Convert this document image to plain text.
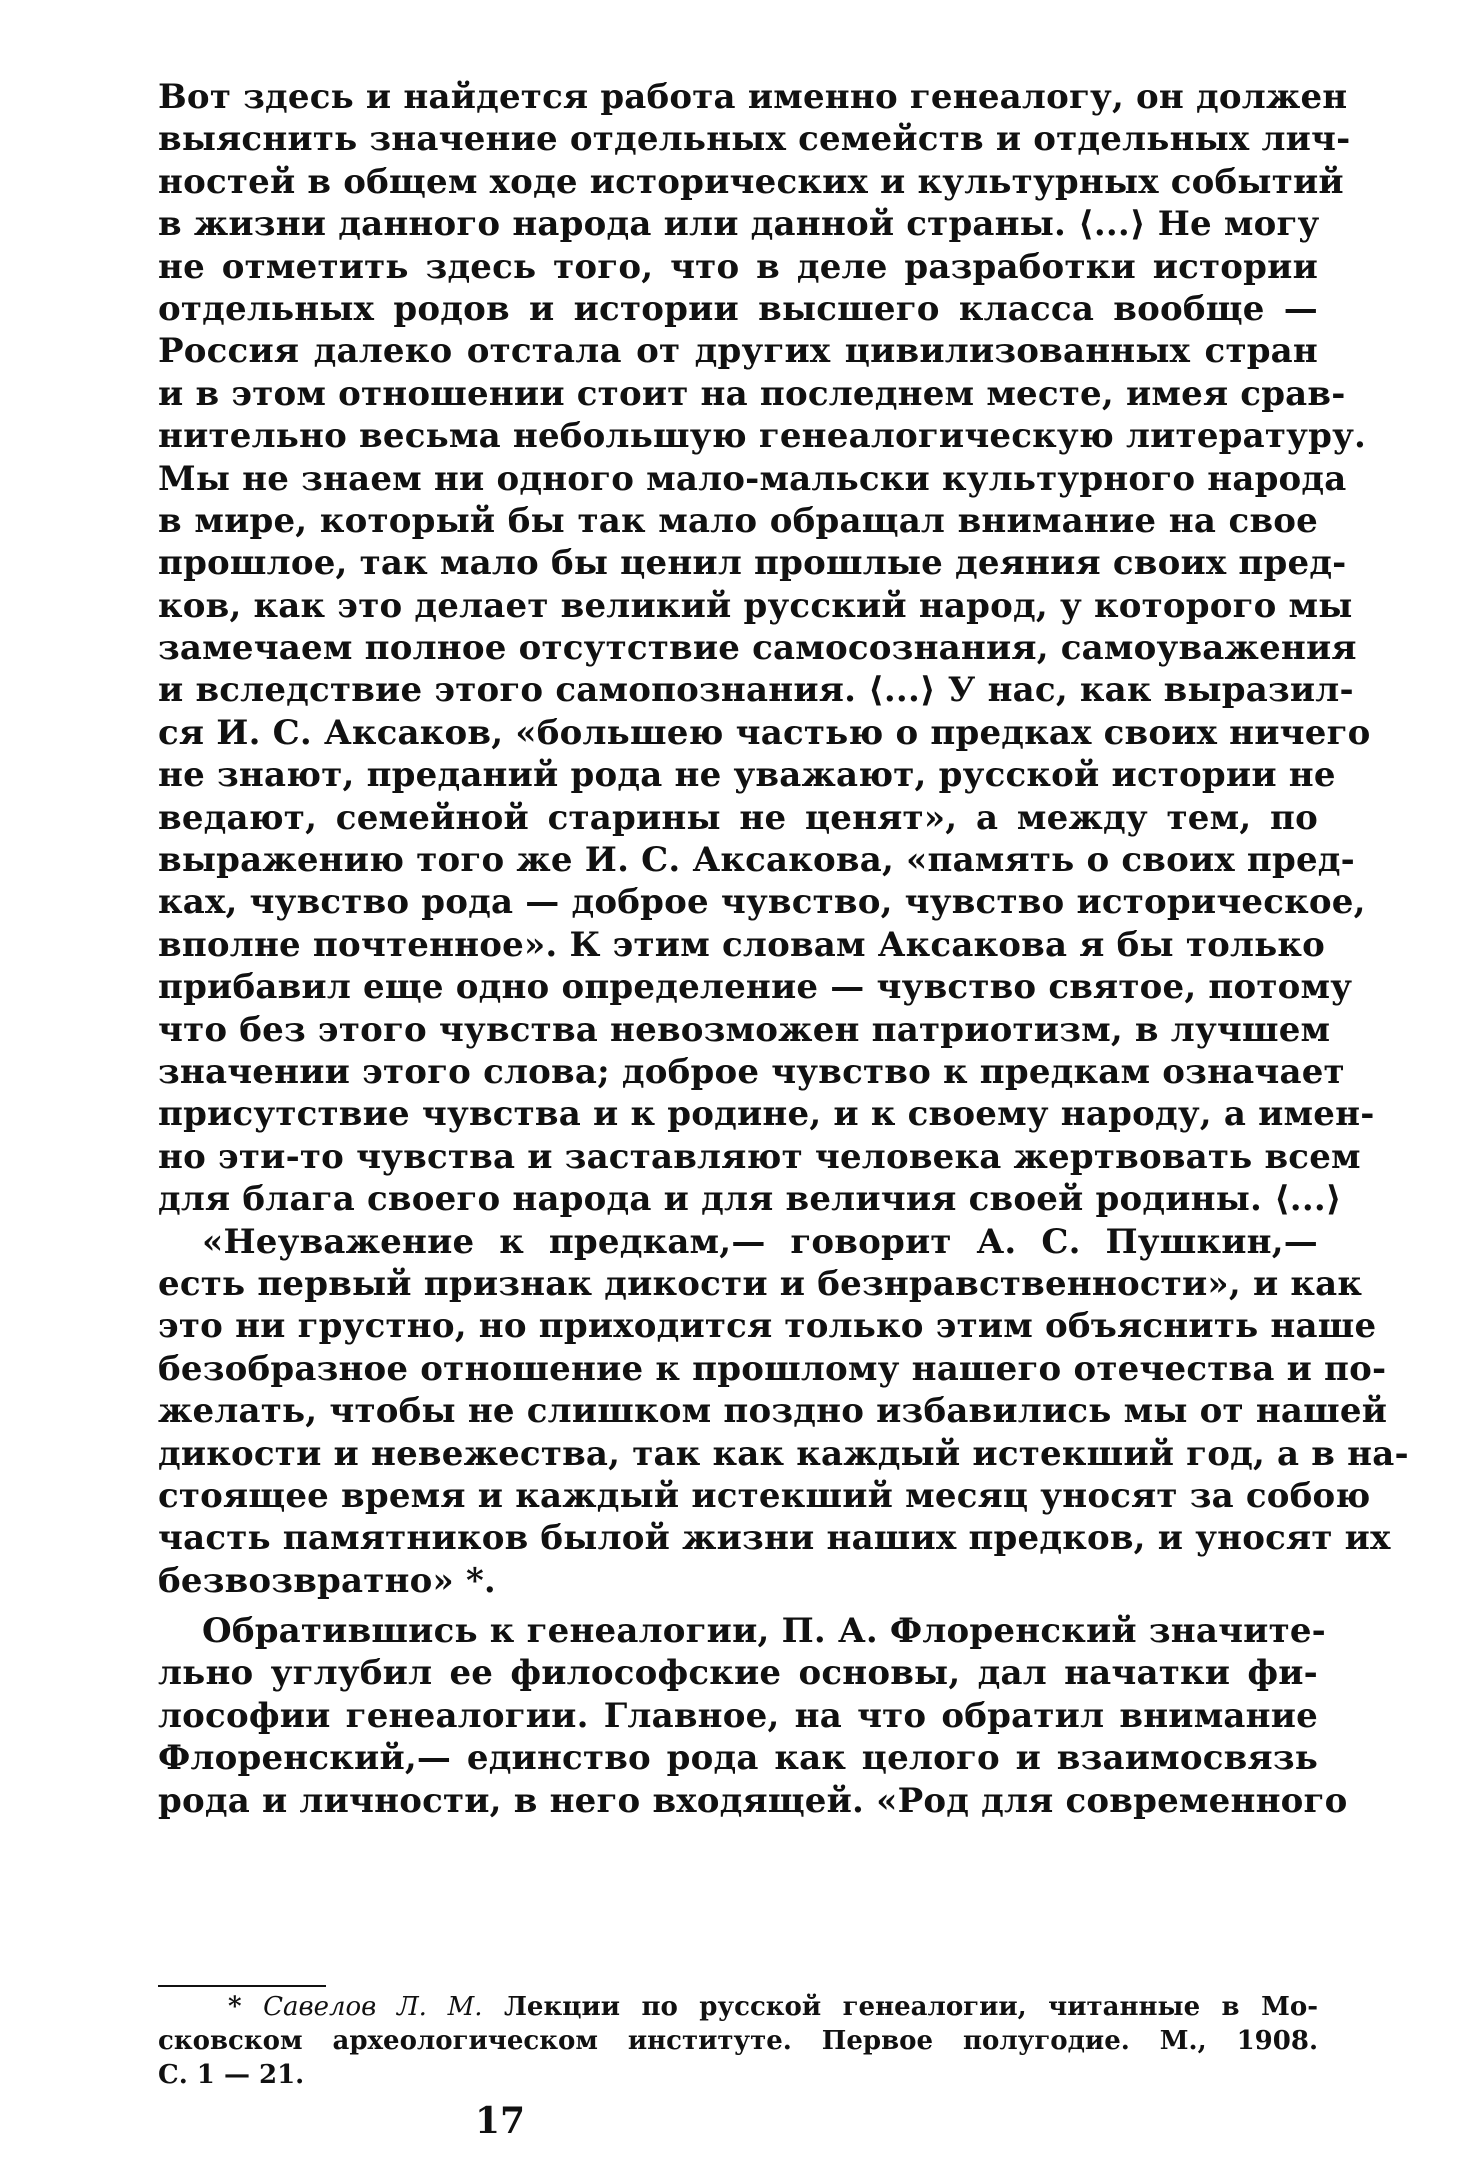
Вот здесь и найдется работа именно генеалогу, он должен
выяснить значение отдельных семейств и отдельных лич-
ностей в общем ходе исторических и культурных событий
в жизни данного народа или данной страны. ⟨...⟩ Не могу
не отметить здесь того, что в деле разработки истории
отдельных родов и истории высшего класса вообще —
Россия далеко отстала от других цивилизованных стран
и в этом отношении стоит на последнем месте, имея срав-
нительно весьма небольшую генеалогическую литературу.
Мы не знаем ни одного мало-мальски культурного народа
в мире, который бы так мало обращал внимание на свое
прошлое, так мало бы ценил прошлые деяния своих пред-
ков, как это делает великий русский народ, у которого мы
замечаем полное отсутствие самосознания, самоуважения
и вследствие этого самопознания. ⟨...⟩ У нас, как выразил-
ся И. С. Аксаков, «большею частью о предках своих ничего
не знают, преданий рода не уважают, русской истории не
ведают, семейной старины не ценят», а между тем, по
выражению того же И. С. Аксакова, «память о своих пред-
ках, чувство рода — доброе чувство, чувство историческое,
вполне почтенное». К этим словам Аксакова я бы только
прибавил еще одно определение — чувство святое, потому
что без этого чувства невозможен патриотизм, в лучшем
значении этого слова; доброе чувство к предкам означает
присутствие чувства и к родине, и к своему народу, а имен-
но эти-то чувства и заставляют человека жертвовать всем
для блага своего народа и для величия своей родины. ⟨...⟩
«Неуважение к предкам,— говорит А. С. Пушкин,—
есть первый признак дикости и безнравственности», и как
это ни грустно, но приходится только этим объяснить наше
безобразное отношение к прошлому нашего отечества и по-
желать, чтобы не слишком поздно избавились мы от нашей
дикости и невежества, так как каждый истекший год, а в на-
стоящее время и каждый истекший месяц уносят за собою
часть памятников былой жизни наших предков, и уносят их
безвозвратно» *.
Обратившись к генеалогии, П. А. Флоренский значите-
льно углубил ее философские основы, дал начатки фи-
лософии генеалогии. Главное, на что обратил внимание
Флоренский,— единство рода как целого и взаимосвязь
рода и личности, в него входящей. «Род для современного
* Савелов Л. М. Лекции по русской генеалогии, читанные в Мо-
сковском археологическом институте. Первое полугодие. М., 1908.
С. 1 — 21.
17
